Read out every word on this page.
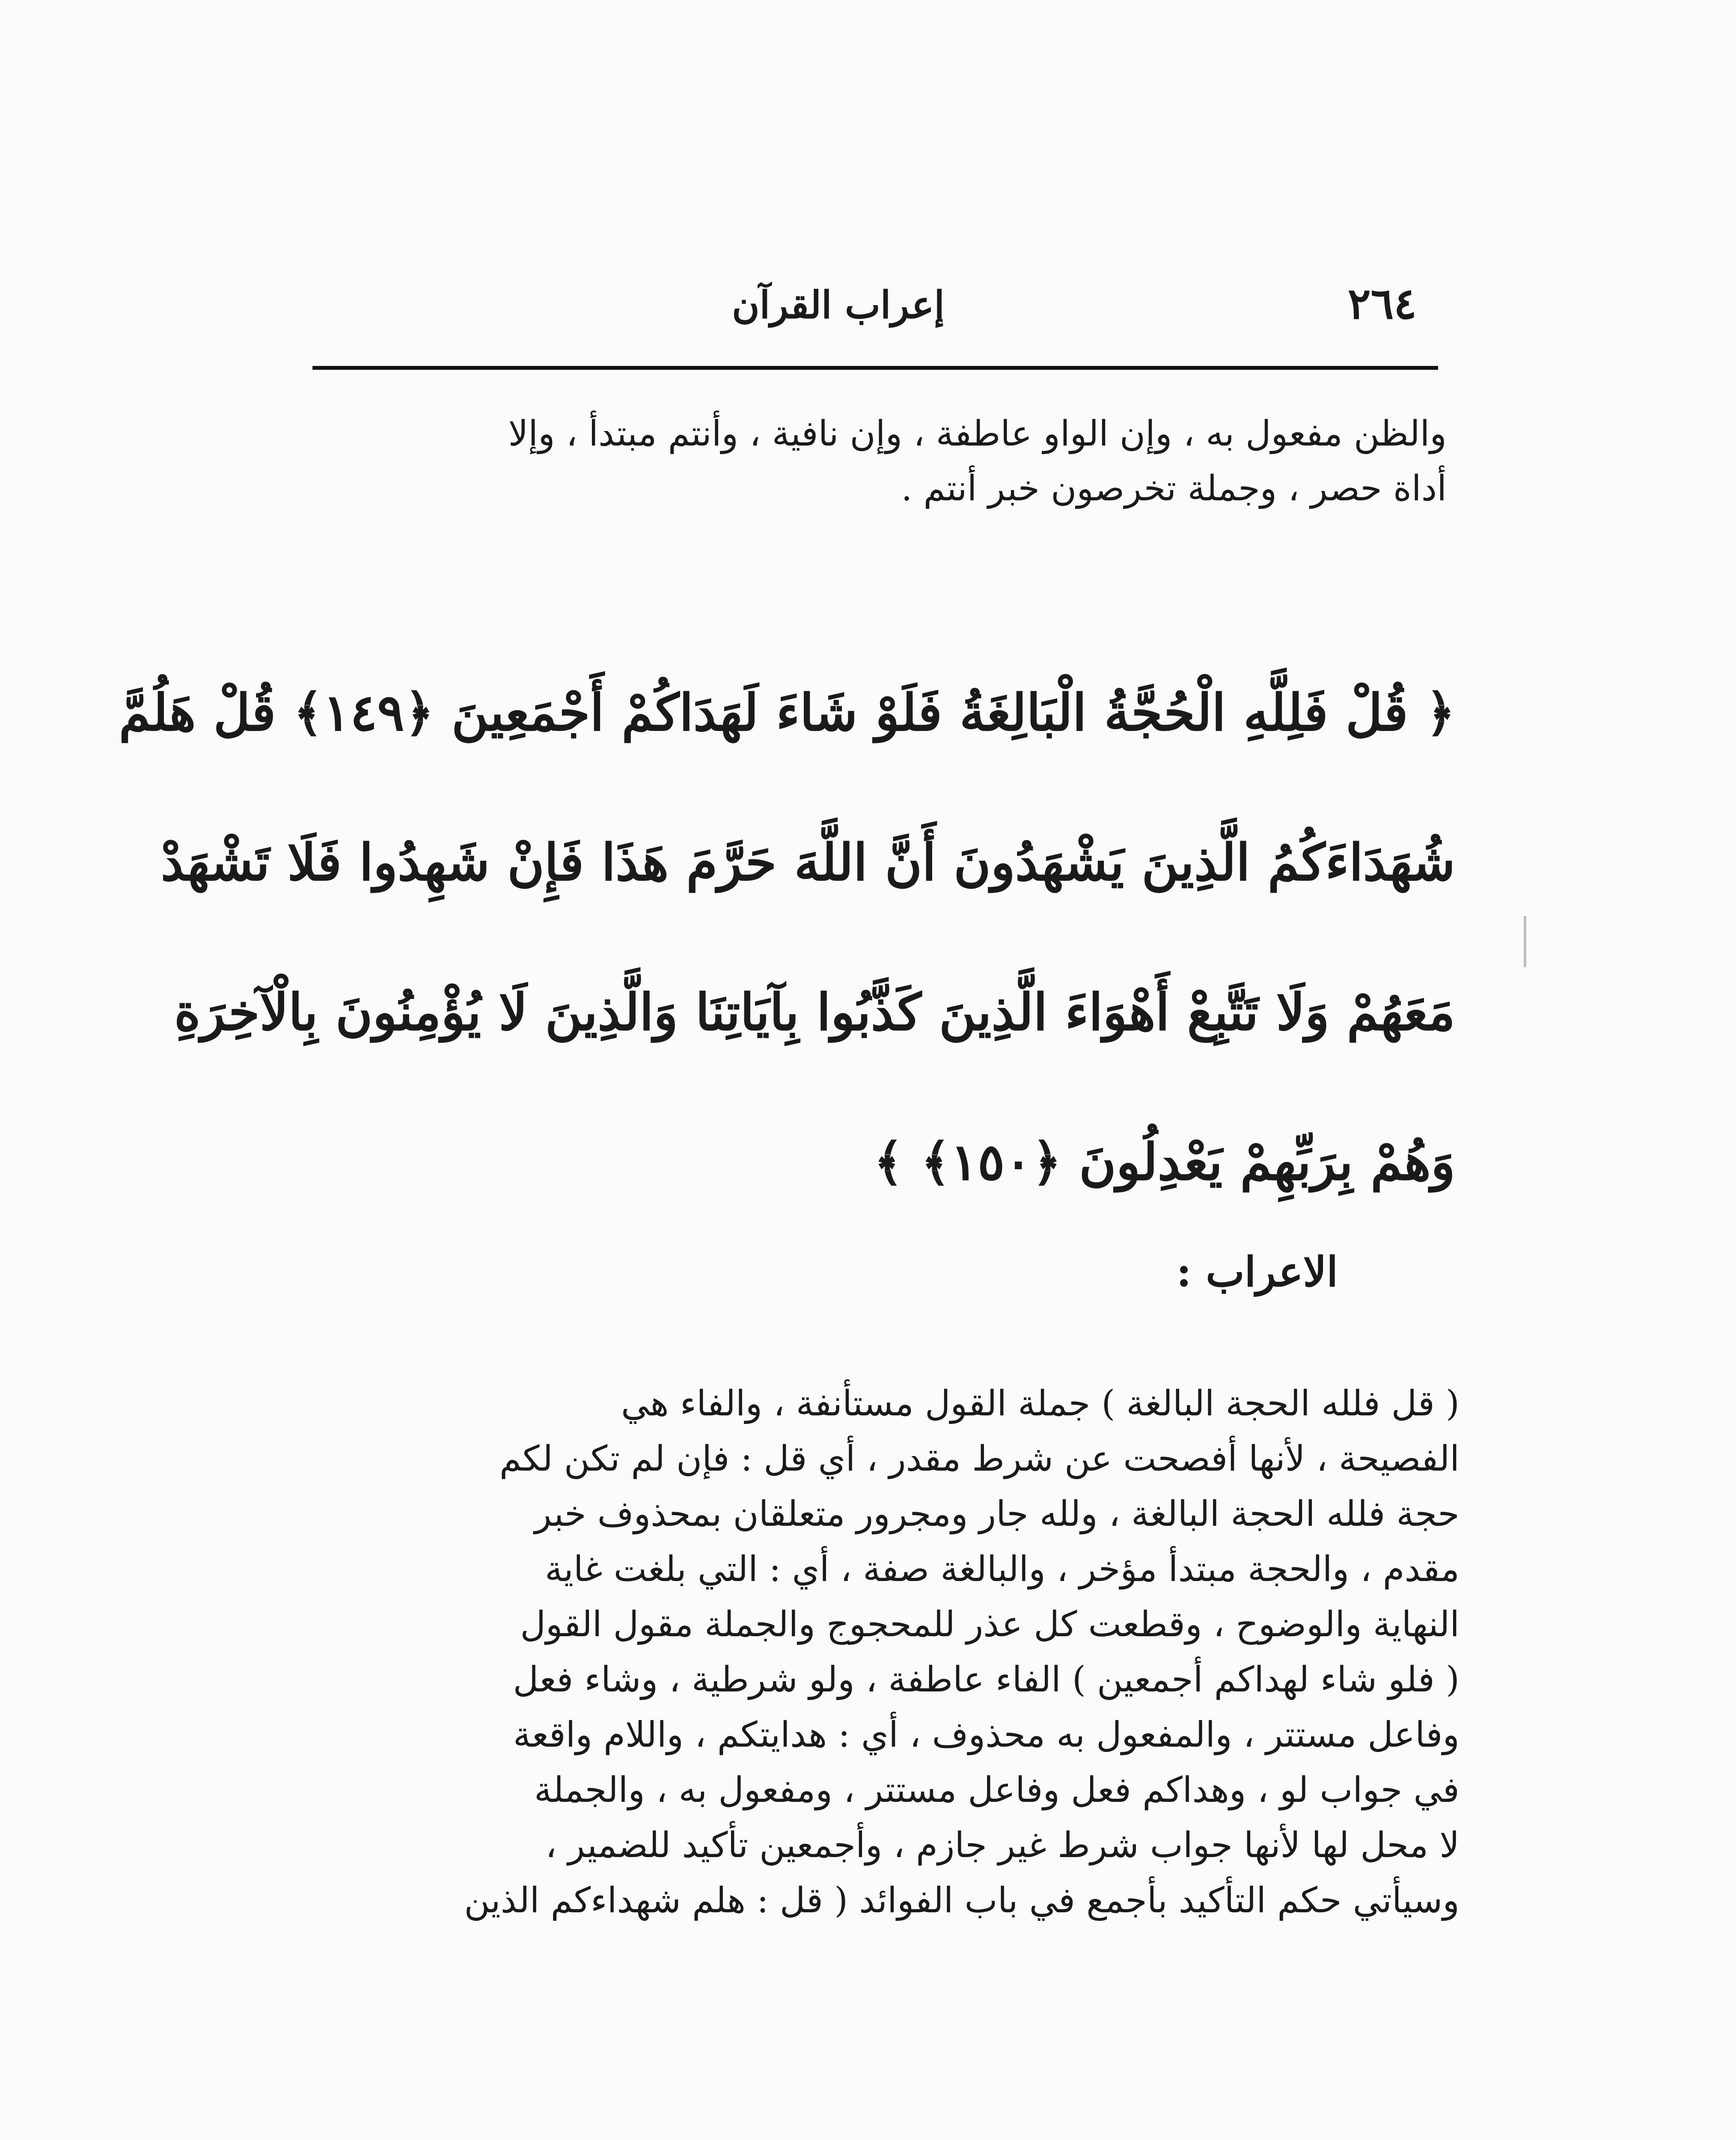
٢٦٤
إعراب القرآن
والظن مفعول به ، وإن الواو عاطفة ، وإن نافية ، وأنتم مبتدأ ، وإلا
أداة حصر ، وجملة تخرصون خبر أنتم .
﴿ قُلْ فَلِلَّهِ الْحُجَّةُ الْبَالِغَةُ فَلَوْ شَاءَ لَهَدَاكُمْ أَجْمَعِينَ ﴿١٤٩﴾ قُلْ هَلُمَّ
شُهَدَاءَكُمُ الَّذِينَ يَشْهَدُونَ أَنَّ اللَّهَ حَرَّمَ هَذَا فَإِنْ شَهِدُوا فَلَا تَشْهَدْ
مَعَهُمْ وَلَا تَتَّبِعْ أَهْوَاءَ الَّذِينَ كَذَّبُوا بِآيَاتِنَا وَالَّذِينَ لَا يُؤْمِنُونَ بِالْآخِرَةِ
وَهُمْ بِرَبِّهِمْ يَعْدِلُونَ ﴿١٥٠﴾ ﴾
الاعراب :
( قل فلله الحجة البالغة ) جملة القول مستأنفة ، والفاء هي
الفصيحة ، لأنها أفصحت عن شرط مقدر ، أي قل : فإن لم تكن لكم
حجة فلله الحجة البالغة ، ولله جار ومجرور متعلقان بمحذوف خبر
مقدم ، والحجة مبتدأ مؤخر ، والبالغة صفة ، أي : التي بلغت غاية
النهاية والوضوح ، وقطعت كل عذر للمحجوج والجملة مقول القول
( فلو شاء لهداكم أجمعين ) الفاء عاطفة ، ولو شرطية ، وشاء فعل
وفاعل مستتر ، والمفعول به محذوف ، أي : هدايتكم ، واللام واقعة
في جواب لو ، وهداكم فعل وفاعل مستتر ، ومفعول به ، والجملة
لا محل لها لأنها جواب شرط غير جازم ، وأجمعين تأكيد للضمير ،
وسيأتي حكم التأكيد بأجمع في باب الفوائد ( قل : هلم شهداءكم الذين
